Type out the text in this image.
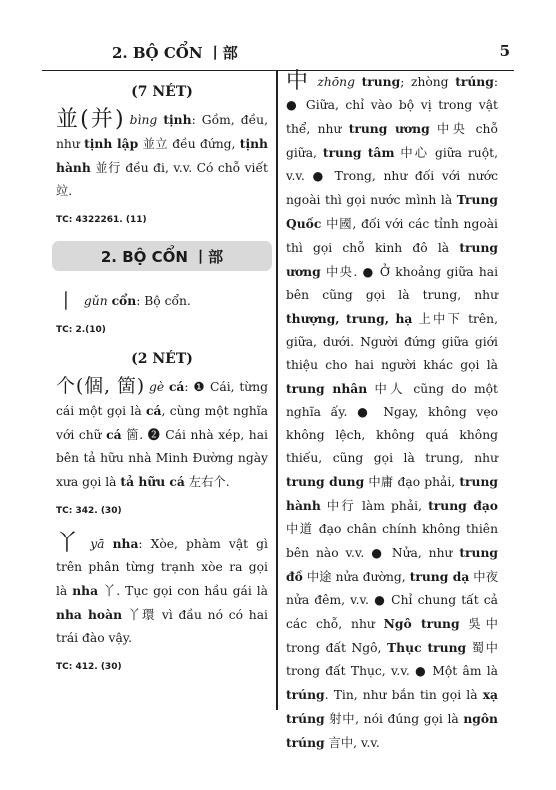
2. BỘ CỔN 丨部	5
(7 NÉT)
並(并) bìng tịnh: Gồm, đều, như tịnh lập 並立 đều đứng, tịnh hành 並行 đều đi, v.v. Có chỗ viết 竝.
TC: 4322261. (11)
2. BỘ CỔN 丨部
丨 gǔn cổn: Bộ cổn.
TC: 2.(10)
(2 NÉT)
个(個, 箇) gè cá: ❶ Cái, từng cái một gọi là cá, cùng một nghĩa với chữ cá 箇. ❷ Cái nhà xép, hai bên tả hữu nhà Minh Đường ngày xưa gọi là tả hữu cá 左右个.
TC: 342. (30)
丫 yā nha: Xòe, phàm vật gì trên phân từng trạnh xòe ra gọi là nha 丫. Tục gọi con hầu gái là nha hoàn 丫環 vì đầu nó có hai trái đào vậy.
TC: 412. (30)
中 zhōng trung; zhòng trúng: ● Giữa, chỉ vào bộ vị trong vật thể, như trung ương 中央 chỗ giữa, trung tâm 中心 giữa ruột, v.v. ● Trong, như đối với nước ngoài thì gọi nước mình là Trung Quốc 中國, đối với các tỉnh ngoài thì gọi chỗ kinh đô là trung ương 中央. ● Ở khoảng giữa hai bên cũng gọi là trung, như thượng, trung, hạ 上中下 trên, giữa, dưới. Người đứng giữa giới thiệu cho hai người khác gọi là trung nhân 中人 cũng do một nghĩa ấy. ● Ngay, không vẹo không lệch, không quá không thiếu, cũng gọi là trung, như trung dung 中庸 đạo phải, trung hành 中行 làm phải, trung đạo 中道 đạo chân chính không thiên bên nào v.v. ● Nửa, như trung đồ 中途 nửa đường, trung dạ 中夜 nửa đêm, v.v. ● Chỉ chung tất cả các chỗ, như Ngô trung 吳中 trong đất Ngô, Thục trung 蜀中 trong đất Thục, v.v. ● Một âm là trúng. Tin, như bắn tin gọi là xạ trúng 射中, nói đúng gọi là ngôn trúng 言中, v.v.
